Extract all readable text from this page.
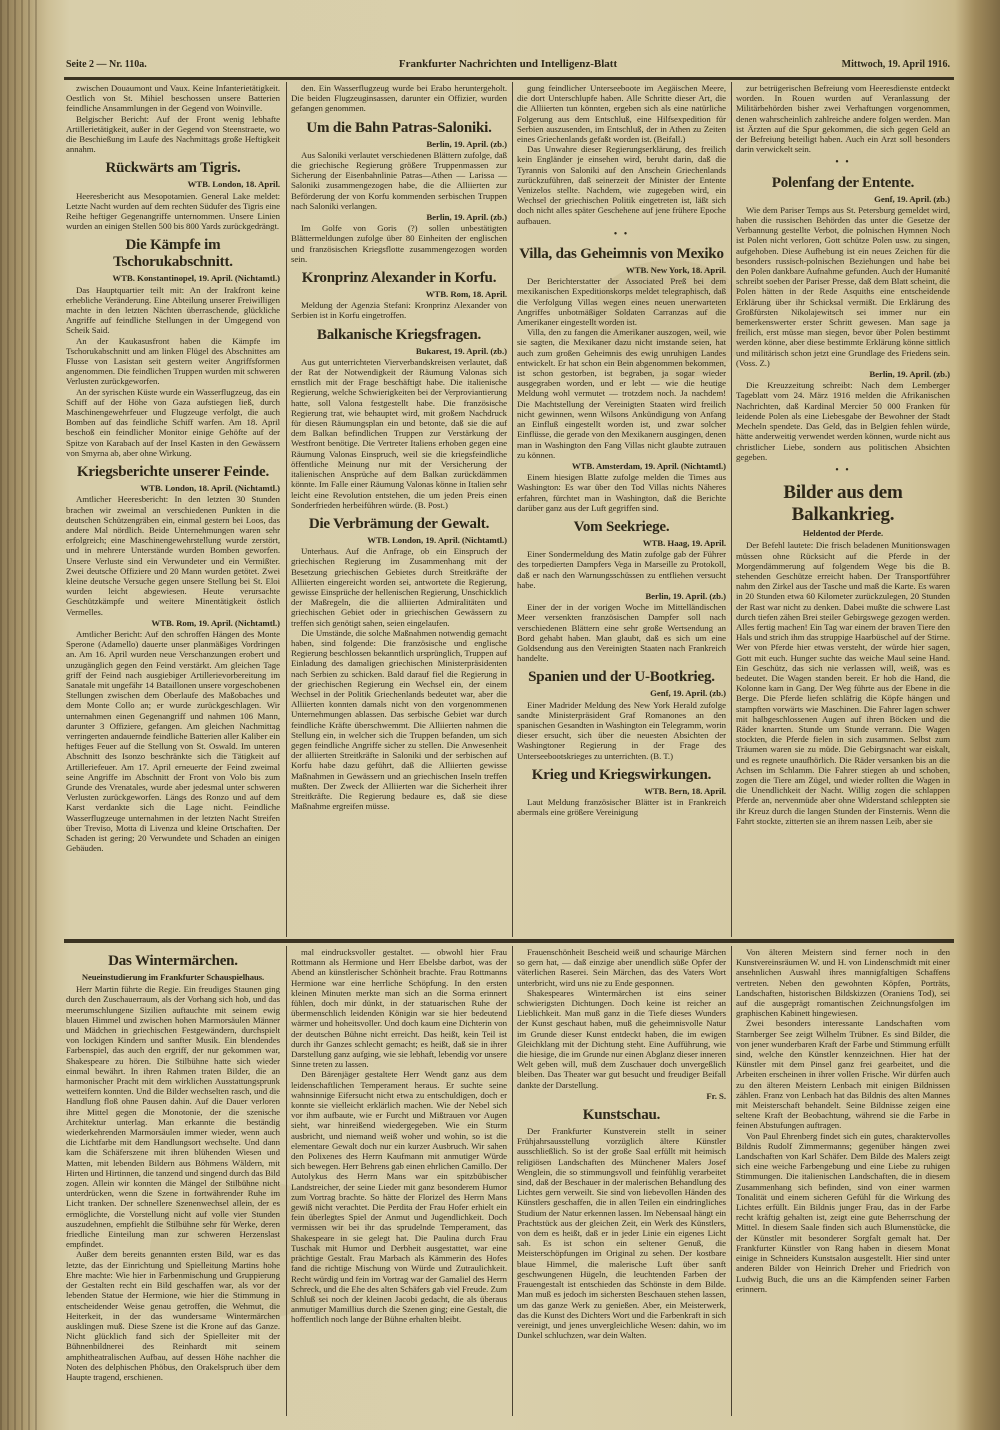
Seite 2 — Nr. 110a.	Frankfurter Nachrichten und Intelligenz-Blatt	Mittwoch, 19. April 1916.

zwischen Douaumont und Vaux. Keine Infanterietätigkeit. Oestlich von St. Mihiel beschossen unsere Batterien feindliche Ansammlungen in der Gegend von Woinville.

Belgischer Bericht: Auf der Front wenig lebhafte Artillerietätigkeit, außer in der Gegend von Steenstraete, wo die Beschießung im Laufe des Nachmittags große Heftigkeit annahm.

Rückwärts am Tigris.
WTB. London, 18. April.

Heeresbericht aus Mesopotamien. General Lake meldet: Letzte Nacht wurden auf dem rechten Südufer des Tigris eine Reihe heftiger Gegenangriffe unternommen. Unsere Linien wurden an einigen Stellen 500 bis 800 Yards zurückgedrängt.

Die Kämpfe im Tschorukabschnitt.
WTB. Konstantinopel, 19. April. (Nichtamtl.)

Das Hauptquartier teilt mit: An der Irakfront keine erhebliche Veränderung. Eine Abteilung unserer Freiwilligen machte in den letzten Nächten überraschende, glückliche Angriffe auf feindliche Stellungen in der Umgegend von Scheik Said.

An der Kaukasusfront haben die Kämpfe im Tschorukabschnitt und am linken Flügel des Abschnittes am Flusse von Lasistan seit gestern weiter Angriffsformen angenommen. Die feindlichen Truppen wurden mit schweren Verlusten zurückgeworfen.

An der syrischen Küste wurde ein Wasserflugzeug, das ein Schiff auf der Höhe von Gaza aufstiegen ließ, durch Maschinengewehrfeuer und Flugzeuge verfolgt, die auch Bomben auf das feindliche Schiff warfen. Am 18. April beschoß ein feindlicher Monitor einige Gehöfte auf der Spitze von Karabach auf der Insel Kasten in den Gewässern von Smyrna ab, aber ohne Wirkung.

Kriegsberichte unserer Feinde.
WTB. London, 18. April. (Nichtamtl.)

Amtlicher Heeresbericht: In den letzten 30 Stunden brachen wir zweimal an verschiedenen Punkten in die deutschen Schützengräben ein, einmal gestern bei Loos, das andere Mal nördlich. Beide Unternehmungen waren sehr erfolgreich; eine Maschinengewehrstellung wurde zerstört, und in mehrere Unterstände wurden Bomben geworfen. Unsere Verluste sind ein Verwundeter und ein Vermißter. Zwei deutsche Offiziere und 20 Mann wurden getötet. Zwei kleine deutsche Versuche gegen unsere Stellung bei St. Eloi wurden leicht abgewiesen. Heute verursachte Geschützkämpfe und weitere Minentätigkeit östlich Vermelles.

WTB. Rom, 19. April. (Nichtamtl.)

Amtlicher Bericht: Auf den schroffen Hängen des Monte Sperone (Adamello) dauerte unser planmäßiges Vordringen an. Am 16. April wurden neue Verschanzungen erobert und unzugänglich gegen den Feind verstärkt. Am gleichen Tage griff der Feind nach ausgiebiger Artillerievorbereitung im Sanatale mit ungefähr 14 Bataillonen unsere vorgeschobenen Stellungen zwischen dem Oberlaufe des Maßobaches und dem Monte Collo an; er wurde zurückgeschlagen. Wir unternahmen einen Gegenangriff und nahmen 106 Mann, darunter 3 Offiziere, gefangen. Am gleichen Nachmittag verringerten andauernde feindliche Batterien aller Kaliber ein heftiges Feuer auf die Stellung von St. Oswald. Im unteren Abschnitt des Isonzo beschränkte sich die Tätigkeit auf Artilleriefeuer. Am 17. April erneuerte der Feind zweimal seine Angriffe im Abschnitt der Front von Volo bis zum Grunde des Vrenatales, wurde aber jedesmal unter schweren Verlusten zurückgeworfen. Längs des Ronzo und auf dem Karst verdankte sich die Lage nicht. Feindliche Wasserflugzeuge unternahmen in der letzten Nacht Streifen über Treviso, Motta di Livenza und kleine Ortschaften. Der Schaden ist gering; 20 Verwundete und Schaden an einigen Gebäuden.

den. Ein Wasserflugzeug wurde bei Erabo heruntergeholt. Die beiden Flugzeuginsassen, darunter ein Offizier, wurden gefangen genommen.

Um die Bahn Patras-Saloniki.
Berlin, 19. April. (zb.)

Aus Saloniki verlautet verschiedenen Blättern zufolge, daß die griechische Regierung größere Truppenmassen zur Sicherung der Eisenbahnlinie Patras—Athen — Larissa — Saloniki zusammengezogen habe, die die Alliierten zur Beförderung der von Korfu kommenden serbischen Truppen nach Saloniki verlangen.

Berlin, 19. April. (zb.)

Im Golfe von Goris (?) sollen unbestätigten Blättermeldungen zufolge über 80 Einheiten der englischen und französischen Kriegsflotte zusammengezogen worden sein.

Kronprinz Alexander in Korfu.
WTB. Rom, 18. April.

Meldung der Agenzia Stefani: Kronprinz Alexander von Serbien ist in Korfu eingetroffen.

Balkanische Kriegsfragen.
Bukarest, 19. April. (zb.)

Aus gut unterrichteten Vierverbandskreisen verlautet, daß der Rat der Notwendigkeit der Räumung Valonas sich ernstlich mit der Frage beschäftigt habe. Die italienische Regierung, welche Schwierigkeiten bei der Verproviantierung hatte, soll Valona festgestellt habe. Die französische Regierung trat, wie behauptet wird, mit großem Nachdruck für diesen Räumungsplan ein und betonte, daß sie die auf dem Balkan befindlichen Truppen zur Verstärkung der Westfront benötige. Die Vertreter Italiens erhoben gegen eine Räumung Valonas Einspruch, weil sie die kriegsfeindliche öffentliche Meinung nur mit der Versicherung der italienischen Ansprüche auf dem Balkan zurückdämmen könnte. Im Falle einer Räumung Valonas könne in Italien sehr leicht eine Revolution entstehen, die um jeden Preis einen Sonderfrieden herbeiführen würde. (B. Post.)

Die Verbrämung der Gewalt.
WTB. London, 19. April. (Nichtamtl.)

Unterhaus. Auf die Anfrage, ob ein Einspruch der griechischen Regierung im Zusammenhang mit der Besetzung griechischen Gebietes durch Streitkräfte der Alliierten eingereicht worden sei, antwortete die Regierung, gewisse Einsprüche der hellenischen Regierung, Unschicklich der Maßregeln, die die alliierten Admiralitäten und griechischen Gebiet oder in griechischen Gewässern zu treffen sich genötigt sahen, seien eingelaufen.

Die Umstände, die solche Maßnahmen notwendig gemacht haben, sind folgende: Die französische und englische Regierung beschlossen bekanntlich ursprünglich, Truppen auf Einladung des damaligen griechischen Ministerpräsidenten nach Serbien zu schicken. Bald darauf fiel die Regierung in der griechischen Regierung ein Wechsel ein, der einem Wechsel in der Politik Griechenlands bedeutet war, aber die Alliierten konnten damals nicht von den vorgenommenen Unternehmungen ablassen. Das serbische Gebiet war durch feindliche Kräfte überschwemmt. Die Alliierten nahmen die Stellung ein, in welcher sich die Truppen befanden, um sich gegen feindliche Angriffe sicher zu stellen. Die Anwesenheit der alliierten Streitkräfte in Saloniki und der serbischen auf Korfu habe dazu geführt, daß die Alliierten gewisse Maßnahmen in Gewässern und an griechischen Inseln treffen mußten. Der Zweck der Alliierten war die Sicherheit ihrer Streitkräfte. Die Regierung bedaure es, daß sie diese Maßnahme ergreifen müsse.

gung feindlicher Unterseeboote im Aegäischen Meere, die dort Unterschlupfe haben. Alle Schritte dieser Art, die die Alliierten tun könnten, ergeben sich als eine natürliche Folgerung aus dem Entschluß, eine Hilfsexpedition für Serbien auszusenden, im Entschluß, der in Athen zu Zeiten eines Griechenlands gefaßt worden ist. (Beifall.)

Das Unwahre dieser Regierungserklärung, des freilich kein Engländer je einsehen wird, beruht darin, daß die Tyrannis von Saloniki auf den Anschein Griechenlands zurückzuführen, daß seinerzeit der Minister der Entente Venizelos stellte. Nachdem, wie zugegeben wird, ein Wechsel der griechischen Politik eingetreten ist, läßt sich doch nicht alles später Geschehene auf jene frühere Epoche aufbauen.

• •
Villa, das Geheimnis von Mexiko
WTB. New York, 18. April.

Der Berichterstatter der Associated Preß bei dem mexikanischen Expeditionskorps meldet telegraphisch, daß die Verfolgung Villas wegen eines neuen unerwarteten Angriffes unbotmäßiger Soldaten Carranzas auf die Amerikaner eingestellt worden ist.

Villa, den zu fangen die Amerikaner auszogen, weil, wie sie sagten, die Mexikaner dazu nicht imstande seien, hat auch zum großen Geheimnis des ewig unruhigen Landes entwickelt. Er hat schon ein Bein abgenommen bekommen, ist schon gestorben, ist begraben, ja sogar wieder ausgegraben worden, und er lebt — wie die heutige Meldung wohl vermutet — trotzdem noch. Ja nachdem! Die Machtstellung der Vereinigten Staaten wird freilich nicht gewinnen, wenn Wilsons Ankündigung von Anfang an Einfluß eingestellt worden ist, und zwar solcher Einflüsse, die gerade von den Mexikanern ausgingen, denen man in Washington den Fang Villas nicht glaubte zutrauen zu können.

WTB. Amsterdam, 19. April. (Nichtamtl.)

Einem hiesigen Blatte zufolge melden die Times aus Washington: Es war über den Tod Villas nichts Näheres erfahren, fürchtet man in Washington, daß die Berichte darüber ganz aus der Luft gegriffen sind.

Vom Seekriege.
WTB. Haag, 19. April.

Einer Sondermeldung des Matin zufolge gab der Führer des torpedierten Dampfers Vega in Marseille zu Protokoll, daß er nach den Warnungsschüssen zu entfliehen versucht habe.

Berlin, 19. April. (zb.)

Einer der in der vorigen Woche im Mittelländischen Meer versenkten französischen Dampfer soll nach verschiedenen Blättern eine sehr große Wertsendung an Bord gehabt haben. Man glaubt, daß es sich um eine Goldsendung aus den Vereinigten Staaten nach Frankreich handelte.

Spanien und der U-Bootkrieg.
Genf, 19. April. (zb.)

Einer Madrider Meldung des New York Herald zufolge sandte Ministerpräsident Graf Romanones an den spanischen Gesandten in Washington ein Telegramm, worin dieser ersucht, sich über die neuesten Absichten der Washingtoner Regierung in der Frage des Unterseebootskrieges zu unterrichten. (B. T.)

Krieg und Kriegswirkungen.
WTB. Bern, 18. April.

Laut Meldung französischer Blätter ist in Frankreich abermals eine größere Vereinigung

zur betrügerischen Befreiung vom Heeresdienste entdeckt worden. In Rouen wurden auf Veranlassung der Militärbehörden bisher zwei Verhaftungen vorgenommen, denen wahrscheinlich zahlreiche andere folgen werden. Man ist Ärzten auf die Spur gekommen, die sich gegen Geld an der Befreiung beteiligt haben. Auch ein Arzt soll besonders darin verwickelt sein.

• •
Polenfang der Entente.
Genf, 19. April. (zb.)

Wie dem Pariser Temps aus St. Petersburg gemeldet wird, haben die russischen Behörden das unter die Gesetze der Verbannung gestellte Verbot, die polnischen Hymnen Noch ist Polen nicht verloren, Gott schütze Polen usw. zu singen, aufgehoben. Diese Aufhebung ist ein neues Zeichen für die besonders russisch-polnischen Beziehungen und habe bei den Polen dankbare Aufnahme gefunden. Auch der Humanité schreibt soeben der Pariser Presse, daß dem Blatt scheint, die Polen hätten in der Rede Asquiths eine entscheidende Erklärung über ihr Schicksal vermißt. Die Erklärung des Großfürsten Nikolajewitsch sei immer nur ein bemerkenswerter erster Schritt gewesen. Man sage ja freilich, erst müsse man siegen, bevor über Polen bestimmt werden könne, aber diese bestimmte Erklärung könne sittlich und militärisch schon jetzt eine Grundlage des Friedens sein. (Voss. Z.)

Berlin, 19. April. (zb.)

Die Kreuzzeitung schreibt: Nach dem Lemberger Tageblatt vom 24. März 1916 melden die Afrikanischen Nachrichten, daß Kardinal Mercier 50 000 Franken für leidende Polen als eine Liebesgabe der Bewohner der Stadt Mecheln spendete. Das Geld, das in Belgien fehlen würde, hätte anderweitig verwendet werden können, wurde nicht aus christlicher Liebe, sondern aus politischen Absichten gegeben.

• •
Bilder aus dem Balkankrieg.
Heldentod der Pferde.

Der Befehl lautete: Die frisch beladenen Munitionswagen müssen ohne Rücksicht auf die Pferde in der Morgendämmerung auf folgendem Wege bis die B. stehenden Geschütze erreicht haben. Der Transportführer nahm den Zirkel aus der Tasche und maß die Karte. Es waren in 20 Stunden etwa 60 Kilometer zurückzulegen, 20 Stunden der Rast war nicht zu denken. Dabei mußte die schwere Last durch tiefen zähen Brei steiler Gebirgswege gezogen werden. Alles fertig machen! Ein Tag war einem der braven Tiere den Hals und strich ihm das struppige Haarbüschel auf der Stirne. Wer von Pferde hier etwas versteht, der würde hier sagen, Gott mit euch. Hunger suchte das weiche Maul seine Hand. Ein Geschütz, das sich nie verlassen will, weiß, was es bedeutet. Die Wagen standen bereit. Er hob die Hand, die Kolonne kam in Gang. Der Weg führte aus der Ebene in die Berge. Die Pferde liefen schläfrig die Köpfe hängen und stampften vorwärts wie Maschinen. Die Fahrer lagen schwer mit halbgeschlossenen Augen auf ihren Böcken und die Räder knarrten. Stunde um Stunde verrann. Die Wagen stockten, die Pferde fielen in sich zusammen. Selbst zum Träumen waren sie zu müde. Die Gebirgsnacht war eiskalt, und es regnete unaufhörlich. Die Räder versanken bis an die Achsen im Schlamm. Die Fahrer stiegen ab und schoben, zogen die Tiere am Zügel, und wieder rollten die Wagen in die Unendlichkeit der Nacht. Willig zogen die schlappen Pferde an, nervenmüde aber ohne Widerstand schleppten sie ihr Kreuz durch die langen Stunden der Finsternis. Wenn die Fahrt stockte, zitterten sie an ihrem nassen Leib, aber sie

Das Wintermärchen.
Neueinstudierung im Frankfurter Schauspielhaus.

Herr Martin führte die Regie. Ein freudiges Staunen ging durch den Zuschauerraum, als der Vorhang sich hob, und das meerumschlungene Sizilien auftauchte mit seinem ewig blauen Himmel und zwischen hohen Marmorsäulen Männer und Mädchen in griechischen Festgewändern, durchspielt von lockigen Kindern und sanfter Musik. Ein blendendes Farbenspiel, das auch den ergriff, der nur gekommen war, Shakespeare zu hören. Die Stilbühne hatte sich wieder einmal bewährt. In ihren Rahmen traten Bilder, die an harmonischer Pracht mit dem wirklichen Ausstattungsprunk wetteifern konnten. Und die Bilder wechselten rasch, und die Handlung floß ohne Pausen dahin. Auf die Dauer verloren ihre Mittel gegen die Monotonie, der die szenische Architektur unterlag. Man erkannte die beständig wiederkehrenden Marmorsäulen immer wieder, wenn auch die Lichtfarbe mit dem Handlungsort wechselte. Und dann kam die Schäferszene mit ihren blühenden Wiesen und Matten, mit lebenden Bildern aus Böhmens Wäldern, mit Hirten und Hirtinnen, die tanzend und singend durch das Bild zogen. Allein wir konnten die Mängel der Stilbühne nicht unterdrücken, wenn die Szene in fortwährender Ruhe im Licht tranken. Der schnellere Szenenwechsel allein, der es ermöglichte, die Vorstellung nicht auf volle vier Stunden auszudehnen, empfiehlt die Stilbühne sehr für Werke, deren friedliche Einteilung man zur schweren Herzenslast empfindet.

Außer dem bereits genannten ersten Bild, war es das letzte, das der Einrichtung und Spielleitung Martins hohe Ehre machte: Wie hier in Farbenmischung und Gruppierung der Gestalten recht ein Bild geschaffen war, als vor der lebenden Statue der Hermione, wie hier die Stimmung in entscheidender Weise genau getroffen, die Wehmut, die Heiterkeit, in der das wundersame Wintermärchen ausklingen muß. Diese Szene ist die Krone auf das Ganze. Nicht glücklich fand sich der Spielleiter mit der Bühnenbildnerei des Reinhardt mit seinem amphitheatralischen Aufbau, auf dessen Höhe nachher die Noten des delphischen Phöbus, den Orakelspruch über dem Haupte tragend, erschienen.

mal eindrucksvoller gestaltet. — obwohl hier Frau Rottmann als Hermione und Herr Ebelsbe darbot, was der Abend an künstlerischer Schönheit brachte. Frau Rottmanns Hermione war eine herrliche Schöpfung. In den ersten kleinen Minuten merkte man sich an die Sorma erinnert fühlen, doch mir dünkt, in der statuarischen Ruhe der übermenschlich leidenden Königin war sie hier bedeutend wärmer und hoheitsvoller. Und doch kaum eine Dichterin von der deutschen Bühne nicht erreicht. Das heißt, kein Teil ist durch ihr Ganzes schlecht gemacht; es heißt, daß sie in ihrer Darstellung ganz aufging, wie sie lebhaft, lebendig vor unsere Sinne treten zu lassen.

Den Bärenjäger gestaltete Herr Wendt ganz aus dem leidenschaftlichen Temperament heraus. Er suchte seine wahnsinnige Eifersucht nicht etwa zu entschuldigen, doch er konnte sie vielleicht erklärlich machen. Wie der Nebel sich vor ihm aufbaute, wie er Furcht und Mißtrauen vor Augen sieht, war hinreißend wiedergegeben. Wie ein Sturm ausbricht, und niemand weiß woher und wohin, so ist die elementare Gewalt doch nur ein kurzer Ausbruch. Wir sahen den Polixenes des Herrn Kaufmann mit anmutiger Würde sich bewegen. Herr Behrens gab einen ehrlichen Camillo. Der Autolykus des Herrn Mans war ein spitzbübischer Landstreicher, der seine Lieder mit ganz besonderem Humor zum Vortrag brachte. So hätte der Florizel des Herrn Mans gewiß nicht verachtet. Die Perdita der Frau Hofer erhielt ein fein überlegtes Spiel der Anmut und Jugendlichkeit. Doch vermissen wir bei ihr das sprudelnde Temperament, das Shakespeare in sie gelegt hat. Die Paulina durch Frau Tuschak mit Humor und Derbheit ausgestattet, war eine prächtige Gestalt. Frau Marbach als Kämmerin des Hofes fand die richtige Mischung von Würde und Zutraulichkeit. Recht würdig und fein im Vortrag war der Gamaliel des Herrn Schreck, und die Ehe des alten Schäfers gab viel Freude. Zum Schluß sei noch der kleinen Jacobi gedacht, die als überaus anmutiger Mamillius durch die Szenen ging; eine Gestalt, die hoffentlich noch lange der Bühne erhalten bleibt.

Frauenschönheit Bescheid weiß und schaurige Märchen so gern hat, — daß einzige aber unendlich süße Opfer der väterlichen Raserei. Sein Märchen, das des Vaters Wort unterbricht, wird uns nie zu Ende gesponnen.

Shakespeares Wintermärchen ist eins seiner schwierigsten Dichtungen. Doch keine ist reicher an Lieblichkeit. Man muß ganz in die Tiefe dieses Wunders der Kunst geschaut haben, muß die geheimnisvolle Natur im Grunde dieser Kunst entdeckt haben, die im ewigen Gleichklang mit der Dichtung steht. Eine Aufführung, wie die hiesige, die im Grunde nur einen Abglanz dieser inneren Welt geben will, muß dem Zuschauer doch unvergeßlich bleiben. Das Theater war gut besucht und freudiger Beifall dankte der Darstellung.

Fr. S.
Kunstschau.

Der Frankfurter Kunstverein stellt in seiner Frühjahrsausstellung vorzüglich ältere Künstler ausschließlich. So ist der große Saal erfüllt mit heimisch religiösen Landschaften des Münchener Malers Josef Wenglein, die so stimmungsvoll und feinfühlig verarbeitet sind, daß der Beschauer in der malerischen Behandlung des Lichtes gern verweilt. Sie sind von liebevollen Händen des Künstlers geschaffen, die in allen Teilen ein eindringliches Studium der Natur erkennen lassen. Im Nebensaal hängt ein Prachtstück aus der gleichen Zeit, ein Werk des Künstlers, von dem es heißt, daß er in jeder Linie ein eigenes Licht sah. Es ist schon ein seltener Genuß, die Meisterschöpfungen im Original zu sehen. Der kostbare blaue Himmel, die malerische Luft über sanft geschwungenen Hügeln, die leuchtenden Farben der Frauengestalt ist entschieden das Schönste in dem Bilde. Man muß es jedoch im sichersten Beschauen stehen lassen, um das ganze Werk zu genießen. Aber, ein Meisterwerk, das die Kunst des Dichters Wort und die Farbenkraft in sich vereinigt, und jenes unvergleichliche Wesen: dahin, wo im Dunkel schluchzen, war dein Walten.

Von älteren Meistern sind ferner noch in den Kunstvereinsräumen W. und H. von Lindenschmidt mit einer ansehnlichen Auswahl ihres mannigfaltigen Schaffens vertreten. Neben den gewohnten Köpfen, Porträts, Landschaften, historischen Bildskizzen (Oraniens Tod), sei auf die ausgeprägt romantischen Zeichnungsfolgen im graphischen Kabinett hingewiesen.

Zwei besonders interessante Landschaften vom Starnberger See zeigt Wilhelm Trübner. Es sind Bilder, die von jener wunderbaren Kraft der Farbe und Stimmung erfüllt sind, welche den Künstler kennzeichnen. Hier hat der Künstler mit dem Pinsel ganz frei gearbeitet, und die Arbeiten erscheinen in ihrer vollen Frische. Wir dürfen auch zu den älteren Meistern Lenbach mit einigen Bildnissen zählen. Franz von Lenbach hat das Bildnis des alten Mannes mit Meisterschaft behandelt. Seine Bildnisse zeigen eine seltene Kraft der Beobachtung, während sie die Farbe in feinen Abstufungen auftragen.

Von Paul Ehrenberg findet sich ein gutes, charaktervolles Bildnis Rudolf Zimmermanns; gegenüber hängen zwei Landschaften von Karl Schäfer. Dem Bilde des Malers zeigt sich eine weiche Farbengebung und eine Liebe zu ruhigen Stimmungen. Die italienischen Landschaften, die in diesem Zusammenhang sich befinden, sind von einer warmen Tonalität und einem sicheren Gefühl für die Wirkung des Lichtes erfüllt. Ein Bildnis junger Frau, das in der Farbe recht kräftig gehalten ist, zeigt eine gute Beherrschung der Mittel. In diesem Saale finden sich auch Blumenstücke, die der Künstler mit besonderer Sorgfalt gemalt hat. Der Frankfurter Künstler von Rang haben in diesem Monat einige in Schneiders Kunstsalon ausgestellt. Hier sind unter anderen Bilder von Heinrich Dreher und Friedrich von Ludwig Buch, die uns an die Kämpfenden seiner Farben erinnern.
